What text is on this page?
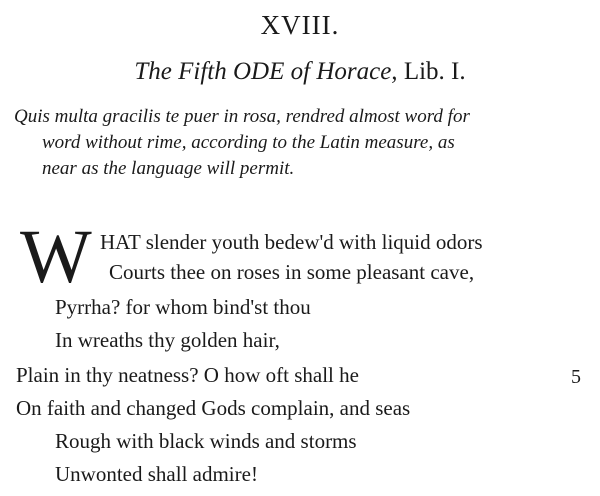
XVIII.
The Fifth ODE of Horace, Lib. I.
Quis multa gracilis te puer in rosa, rendred almost word for
word without rime, according to the Latin measure, as
near as the language will permit.
W HAT slender youth bedew'd with liquid odors
Courts thee on roses in some pleasant cave,
Pyrrha? for whom bind'st thou
In wreaths thy golden hair,
Plain in thy neatness? O how oft shall he
On faith and changed Gods complain, and seas
Rough with black winds and storms
Unwonted shall admire!
5
